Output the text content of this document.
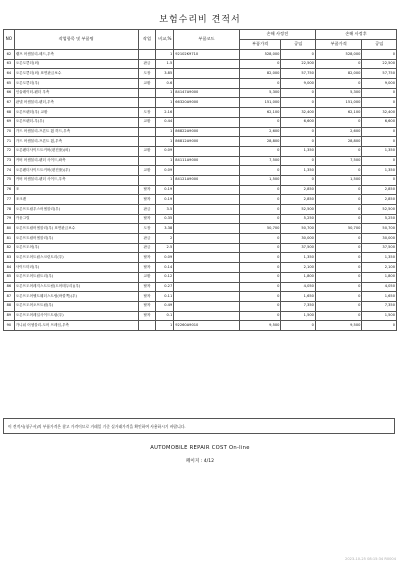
보험수리비 견적서
NO	작업항목 및 부품명	작업	비교,%	부품코드	손해 사정전		손해 사정후	
					부품가격	공임	부품가격	공임
62	램프 어셈블리-헤드,우측		1	92102K9710	528,000	0	528,000	0
63	오른도쁜더(외)	판금	1.5		0	22,500	0	22,500
64	오른도쁜더(외) 표면판금보수	도장	3.85		82,000	57,750	82,000	57,750
65	오른도쁜더(우)	교환	0.6		0	9,000	0	9,000
66	인슐레이터-펜더 우측		1	84147A9000	5,300	0	5,300	0
67	판넬 어셈블리-펜더,우측		1	66320A9000	151,000	0	151,000	0
68	오른프펜더(우) 교환	도장	2.16		62,100	32,400	62,100	32,400
69	오른프펜더-우(우)	교환	0.44		0	6,600	0	6,600
70	가드 어셈블리-프론트 휠 허드,우측		1	86822A9000	2,600	0	2,600	0
71	가드 어셈블리-프론트 휠,우측		1	86812A9000	28,800	0	28,800	0
72	오른펜더사이드트커버(편진풀)(외)	교환	0.09		0	1,350	0	1,350
73	커버 어셈블리-펜더 사이드,좌측		1	84111A9000	7,500	0	7,500	0
74	오른펜더사이드트커버(편진풀)(우)	교환	0.09		0	1,350	0	1,350
75	커버 어셈블리-펜더 사이드,우측		1	84121A9000	1,500	0	1,500	0
76	조	탈착	0.19		0	2,850	0	2,850
77	조크랜	탈착	0.19		0	2,850	0	2,850
78	오른프트림우스어셈블리(우)	판금	3.5		0	52,500	0	52,500
79	카웅그릴	탈착	0.35		0	5,250	0	5,250
80	오른프트림어셈블리(우) 표면판금보수	도장	3.38		50,700	50,700	50,700	50,700
81	오른프트림어셈블리(우)	판금	2		0	30,000	0	30,000
82	오른프도어(우)	판금	2.5		0	37,500	0	37,500
83	오른프도어트림스크린트리(우)	탈착	0.09		0	1,350	0	1,350
84	사이드미러(우)	탈착	0.14		0	2,100	0	2,100
85	오른프도어트림트리(우)	교환	0.12		0	1,800	0	1,800
86	오른프도어레지스트트립(도어테두리)(우)	탈착	0.27		0	4,050	0	4,050
87	오른프도어벨트웨더스트립(바깥쪽)(우)	탈착	0.11		0	1,650	0	1,650
88	오른프도어오프트림(우)	탈착	0.49		0	7,350	0	7,350
89	오른프도어레일사이드트림(우)	탈착	0.1		0	1,500	0	1,500
90	가니쉬 어셈블리-도어 프레임,우측		1	92260A9010	9,500	0	9,500	0
이 견적서(청구서)의 부품가격은 참고 가격이므로 거래일 기준 실거래가격을 확인하여 사용하시기 바랍니다.
AUTOMOBILE REPAIR COST On-line
페이지 : 4/12
2023-10-25 08:15:34 R0004
